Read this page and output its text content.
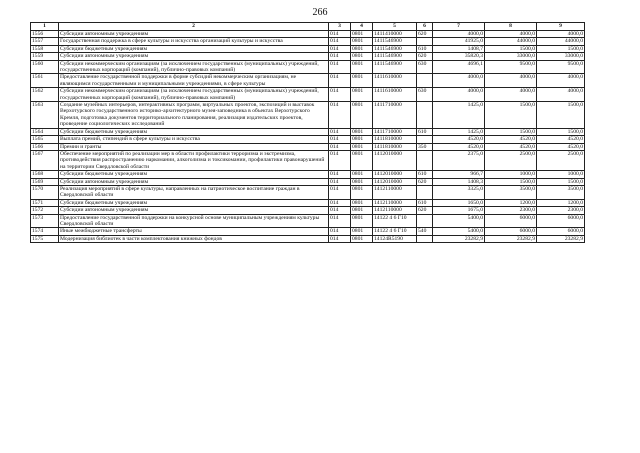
266
1	2	3	4	5	6	7	8	9
1556	Субсидии автономным учреждениям	014	0801	1411410000	620	4000,0	4000,0	4000,0
1557	Государственная поддержка в сфере культуры и искусства организаций культуры и искусства	014	0801	1411546900		41925,0	44000,0	44000,0
1558	Субсидии бюджетным учреждениям	014	0801	1411546900	610	1408,7	1500,0	1500,0
1559	Субсидии автономным учреждениям	014	0801	1411546900	620	35820,3	33000,0	33000,0
1560	Субсидии некоммерческим организациям (за исключением государственных (муниципальных) учреждений, государственных корпораций (компаний), публично-правовых компаний)	014	0801	1411546900	630	4696,1	9500,0	9500,0
1561	Предоставление государственной поддержки в форме субсидий некоммерческим организациям, не являющимся государственными и муниципальными учреждениями, в сфере культуры	014	0801	1411610000		4000,0	4000,0	4000,0
1562	Субсидии некоммерческим организациям (за исключением государственных (муниципальных) учреждений, государственных корпораций (компаний), публично-правовых компаний)	014	0801	1411610000	630	4000,0	4000,0	4000,0
1563	Создание музейных интерьеров, интерактивных программ, виртуальных проектов, экспозиций и выставок Верхотурского государственного историко-архитектурного музея-заповедника в объектах Верхотурского Кремля, подготовка документов территориального планирования, реализация издательских проектов, проведение социологических исследований	014	0801	1411710000		1425,0	1500,0	1500,0
1564	Субсидии бюджетным учреждениям	014	0801	1411710000	610	1425,0	1500,0	1500,0
1565	Выплата премий, стипендий в сфере культуры и искусства	014	0801	1411810000		4520,0	4520,0	4520,0
1566	Премии и гранты	014	0801	1411810000	350	4520,0	4520,0	4520,0
1567	Обеспечение мероприятий по реализации мер в области профилактики терроризма и экстремизма, противодействия распространению наркомании, алкоголизма и токсикомании, профилактики правонарушений на территории Свердловской области	014	0801	1412010000		2375,0	2500,0	2500,0
1568	Субсидии бюджетным учреждениям	014	0801	1412010000	610	966,7	1000,0	1000,0
1569	Субсидии автономным учреждениям	014	0801	1412010000	620	1408,3	1500,0	1500,0
1570	Реализация мероприятий в сфере культуры, направленных на патриотическое воспитание граждан в Свердловской области	014	0801	1412110000		3325,0	3500,0	3500,0
1571	Субсидии бюджетным учреждениям	014	0801	1412110000	610	1650,0	1200,0	1200,0
1572	Субсидии автономным учреждениям	014	0801	1412110000	620	1675,0	2300,0	2300,0
1573	Предоставление государственной поддержки на конкурсной основе муниципальным учреждениям культуры Свердловской области	014	0801	14122 4 6 Г10		5400,0	6000,0	6000,0
1574	Иные межбюджетные трансферты	014	0801	14122 4 6 Г10	540	5400,0	6000,0	6000,0
1575	Модернизация библиотек в части комплектования книжных фондов	014	0801	14124R5190		23282,9	23282,9	23282,9
